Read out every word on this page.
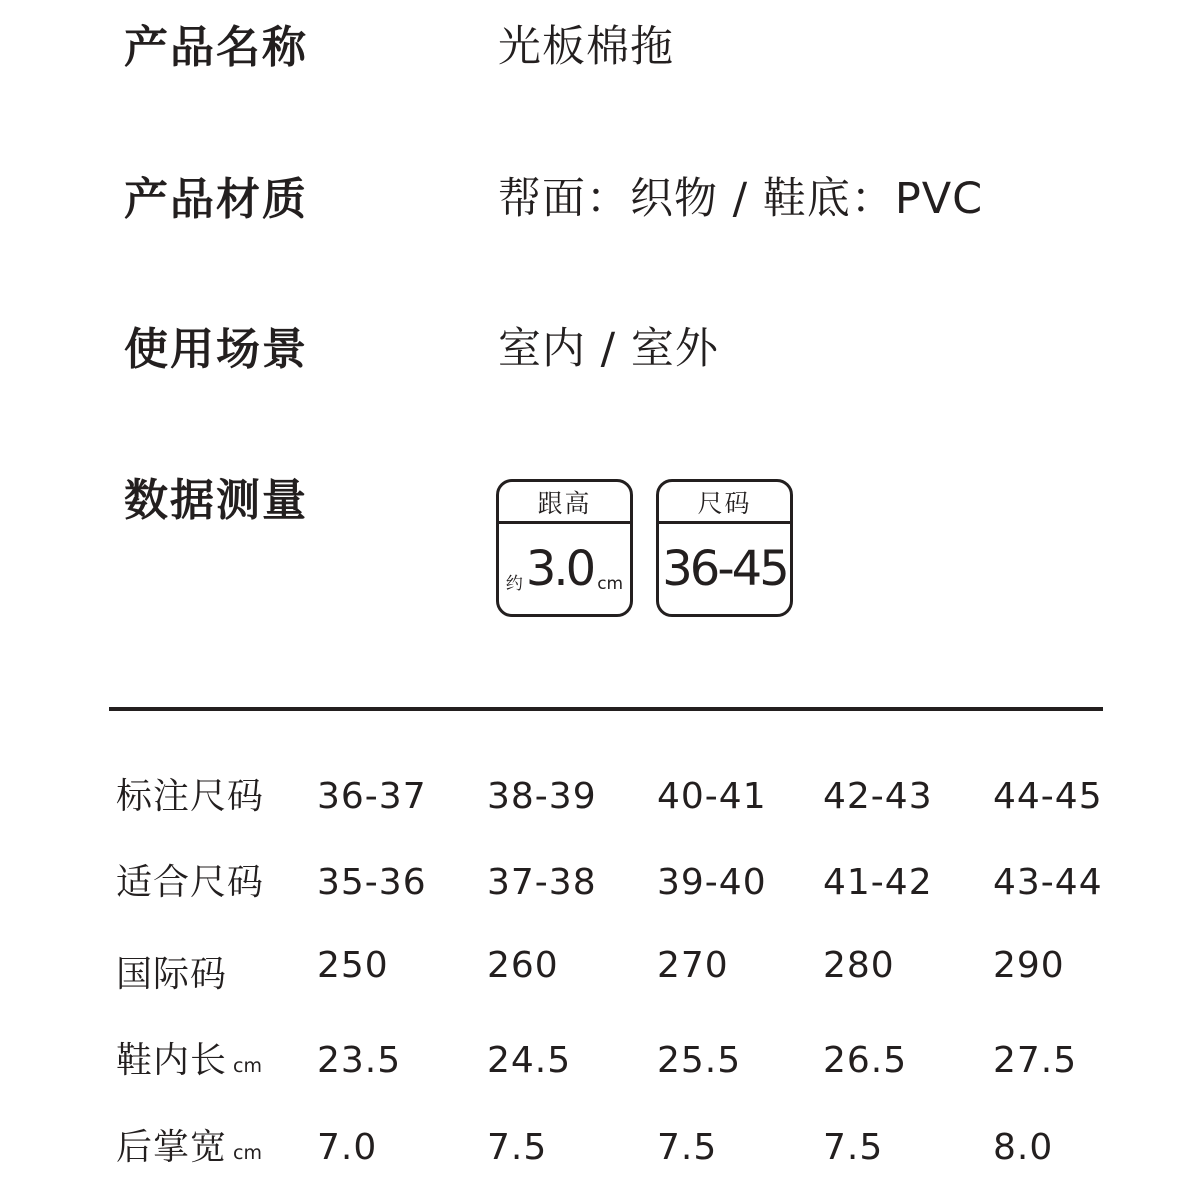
产品名称	光板棉拖
产品材质	帮面：织物 / 鞋底：PVC
使用场景	室内 / 室外
数据测量	跟高
约 3.0 cm
尺码
36-45
标注尺码 36-37 38-39 40-41 42-43 44-45
适合尺码 35-36 37-38 39-40 41-42 43-44
国际码 250	260	270	280	290
鞋内长 cm 23.5 24.5 25.5 26.5 27.5
后掌宽 cm 7.0	7.5	7.5	7.5	8.0
